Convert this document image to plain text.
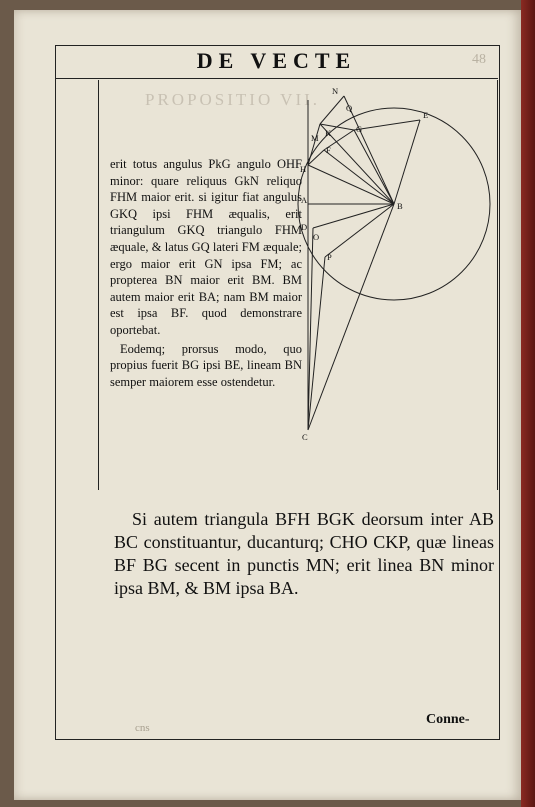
DE VECTE	48
PROPOSITIO VII. N
Q
E
M K	G
F
H
A
B
D
O
P
C

erit totus angulus PkG angulo OHF minor: quare reliquus GkN reliquo FHM maior erit. si igitur fiat angulus GKQ ipsi FHM æqualis, erit triangulum GKQ triangulo FHM æquale, & latus GQ lateri FM æquale; ergo maior erit GN ipsa FM; ac propterea BN maior erit BM. BM autem maior erit BA; nam BM maior est ipsa BF. quod demonstrare oportebat.

Eodemq; prorsus modo, quo propius fuerit BG ipsi BE, lineam BN semper maiorem esse ostendetur.

Si autem triangula BFH BGK deorsum inter AB BC constituantur, ducanturq; CHO CKP, quæ lineas BF BG secent in punctis MN; erit linea BN minor ipsa BM, & BM ipsa BA.
cns
Conne-
